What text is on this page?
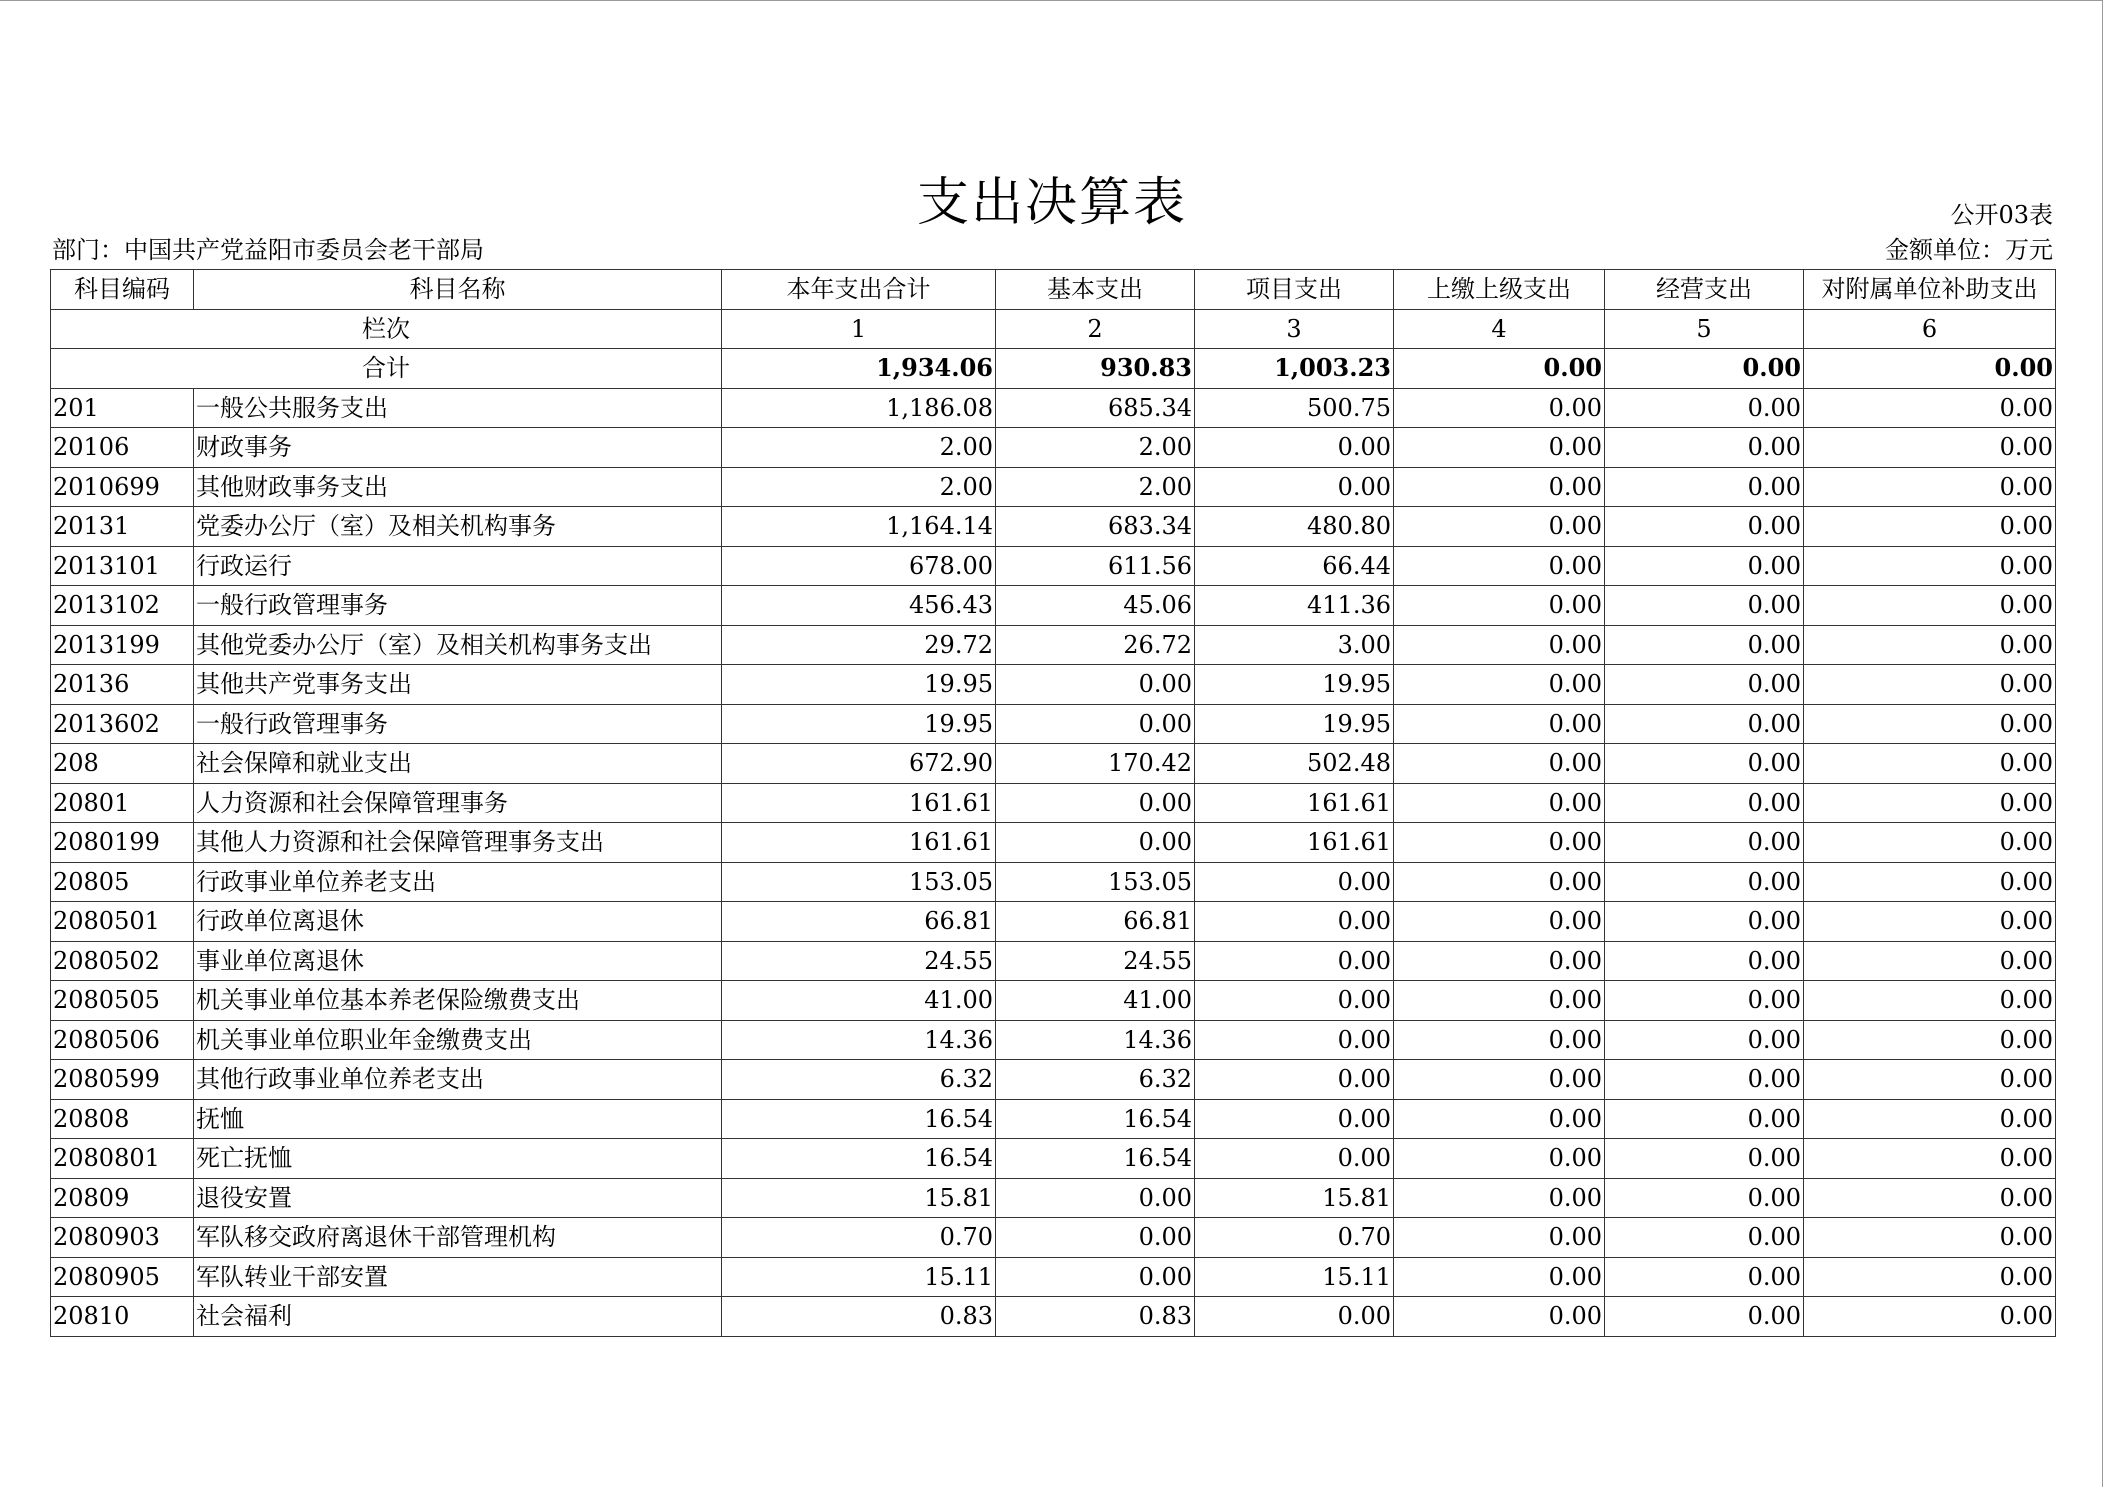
支出决算表	公开03表
部门：中国共产党益阳市委员会老干部局	金额单位：万元
科目编码	科目名称	本年支出合计	基本支出	项目支出	上缴上级支出	经营支出	对附属单位补助支出
栏次		1	2	3	4	5	6
合计		1,934.06	930.83	1,003.23	0.00	0.00	0.00
201	一般公共服务支出	1,186.08	685.34	500.75	0.00	0.00	0.00
20106	财政事务	2.00	2.00	0.00	0.00	0.00	0.00
2010699	其他财政事务支出	2.00	2.00	0.00	0.00	0.00	0.00
20131	党委办公厅（室）及相关机构事务	1,164.14	683.34	480.80	0.00	0.00	0.00
2013101	行政运行	678.00	611.56	66.44	0.00	0.00	0.00
2013102	一般行政管理事务	456.43	45.06	411.36	0.00	0.00	0.00
2013199	其他党委办公厅（室）及相关机构事务支出	29.72	26.72	3.00	0.00	0.00	0.00
20136	其他共产党事务支出	19.95	0.00	19.95	0.00	0.00	0.00
2013602	一般行政管理事务	19.95	0.00	19.95	0.00	0.00	0.00
208	社会保障和就业支出	672.90	170.42	502.48	0.00	0.00	0.00
20801	人力资源和社会保障管理事务	161.61	0.00	161.61	0.00	0.00	0.00
2080199	其他人力资源和社会保障管理事务支出	161.61	0.00	161.61	0.00	0.00	0.00
20805	行政事业单位养老支出	153.05	153.05	0.00	0.00	0.00	0.00
2080501	行政单位离退休	66.81	66.81	0.00	0.00	0.00	0.00
2080502	事业单位离退休	24.55	24.55	0.00	0.00	0.00	0.00
2080505	机关事业单位基本养老保险缴费支出	41.00	41.00	0.00	0.00	0.00	0.00
2080506	机关事业单位职业年金缴费支出	14.36	14.36	0.00	0.00	0.00	0.00
2080599	其他行政事业单位养老支出	6.32	6.32	0.00	0.00	0.00	0.00
20808	抚恤	16.54	16.54	0.00	0.00	0.00	0.00
2080801	死亡抚恤	16.54	16.54	0.00	0.00	0.00	0.00
20809	退役安置	15.81	0.00	15.81	0.00	0.00	0.00
2080903	军队移交政府离退休干部管理机构	0.70	0.00	0.70	0.00	0.00	0.00
2080905	军队转业干部安置	15.11	0.00	15.11	0.00	0.00	0.00
20810	社会福利	0.83	0.83	0.00	0.00	0.00	0.00
